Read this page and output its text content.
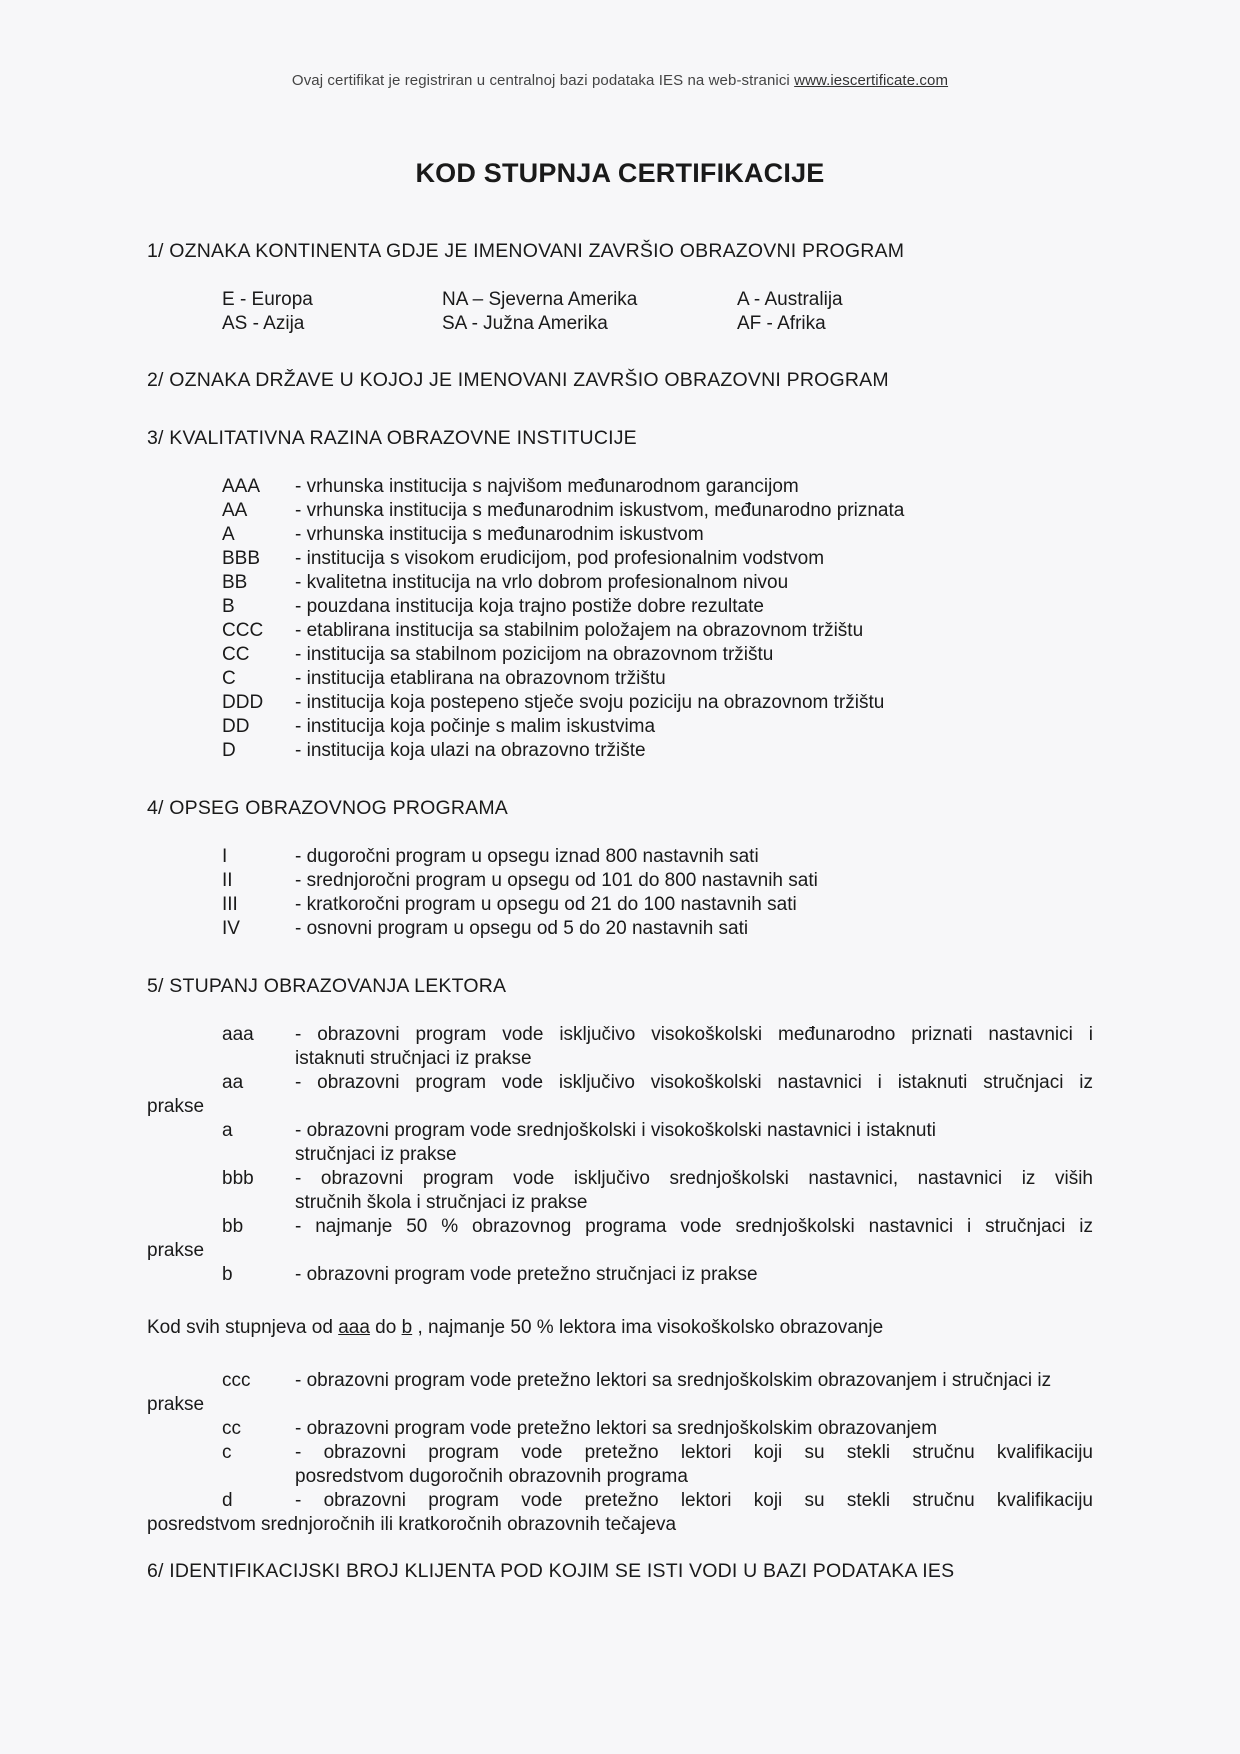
Ovaj certifikat je registriran u centralnoj bazi podataka IES na web-stranici www.iescertificate.com
KOD STUPNJA CERTIFIKACIJE
1/ OZNAKA KONTINENTA GDJE JE IMENOVANI ZAVRŠIO OBRAZOVNI PROGRAM
E - Europa	NA – Sjeverna Amerika	A - Australija
AS - Azija	SA - Južna Amerika	AF - Afrika
2/ OZNAKA DRŽAVE U KOJOJ JE IMENOVANI ZAVRŠIO OBRAZOVNI PROGRAM
3/ KVALITATIVNA RAZINA OBRAZOVNE INSTITUCIJE
AAA - vrhunska institucija s najvišom međunarodnom garancijom
AA	- vrhunska institucija s međunarodnim iskustvom, međunarodno priznata
A	- vrhunska institucija s međunarodnim iskustvom
BBB - institucija s visokom erudicijom, pod profesionalnim vodstvom
BB	- kvalitetna institucija na vrlo dobrom profesionalnom nivou
B	- pouzdana institucija koja trajno postiže dobre rezultate
CCC - etablirana institucija sa stabilnim položajem na obrazovnom tržištu
CC - institucija sa stabilnom pozicijom na obrazovnom tržištu
C	- institucija etablirana na obrazovnom tržištu
DDD - institucija koja postepeno stječe svoju poziciju na obrazovnom tržištu
DD - institucija koja počinje s malim iskustvima
D	- institucija koja ulazi na obrazovno tržište
4/ OPSEG OBRAZOVNOG PROGRAMA
I	- dugoročni program u opsegu iznad 800 nastavnih sati
II	- srednjoročni program u opsegu od 101 do 800 nastavnih sati
III	- kratkoročni program u opsegu od 21 do 100 nastavnih sati
IV	- osnovni program u opsegu od 5 do 20 nastavnih sati
5/ STUPANJ OBRAZOVANJA LEKTORA
aaa - obrazovni program vode isključivo visokoškolski međunarodno priznati nastavnici i
istaknuti stručnjaci iz prakse
aa	- obrazovni program vode isključivo visokoškolski nastavnici i istaknuti stručnjaci iz
prakse
a	- obrazovni program vode srednjoškolski i visokoškolski nastavnici i istaknuti
stručnjaci iz prakse
bbb - obrazovni program vode isključivo srednjoškolski nastavnici, nastavnici iz viših
stručnih škola i stručnjaci iz prakse
bb	- najmanje 50 % obrazovnog programa vode srednjoškolski nastavnici i stručnjaci iz
prakse
b	- obrazovni program vode pretežno stručnjaci iz prakse
Kod svih stupnjeva od aaa do b , najmanje 50 % lektora ima visokoškolsko obrazovanje
ccc - obrazovni program vode pretežno lektori sa srednjoškolskim obrazovanjem i stručnjaci iz
prakse
cc	- obrazovni program vode pretežno lektori sa srednjoškolskim obrazovanjem
c	- obrazovni program vode pretežno lektori koji su stekli stručnu kvalifikaciju
posredstvom dugoročnih obrazovnih programa
d	- obrazovni program vode pretežno lektori koji su stekli stručnu kvalifikaciju
posredstvom srednjoročnih ili kratkoročnih obrazovnih tečajeva
6/ IDENTIFIKACIJSKI BROJ KLIJENTA POD KOJIM SE ISTI VODI U BAZI PODATAKA IES
